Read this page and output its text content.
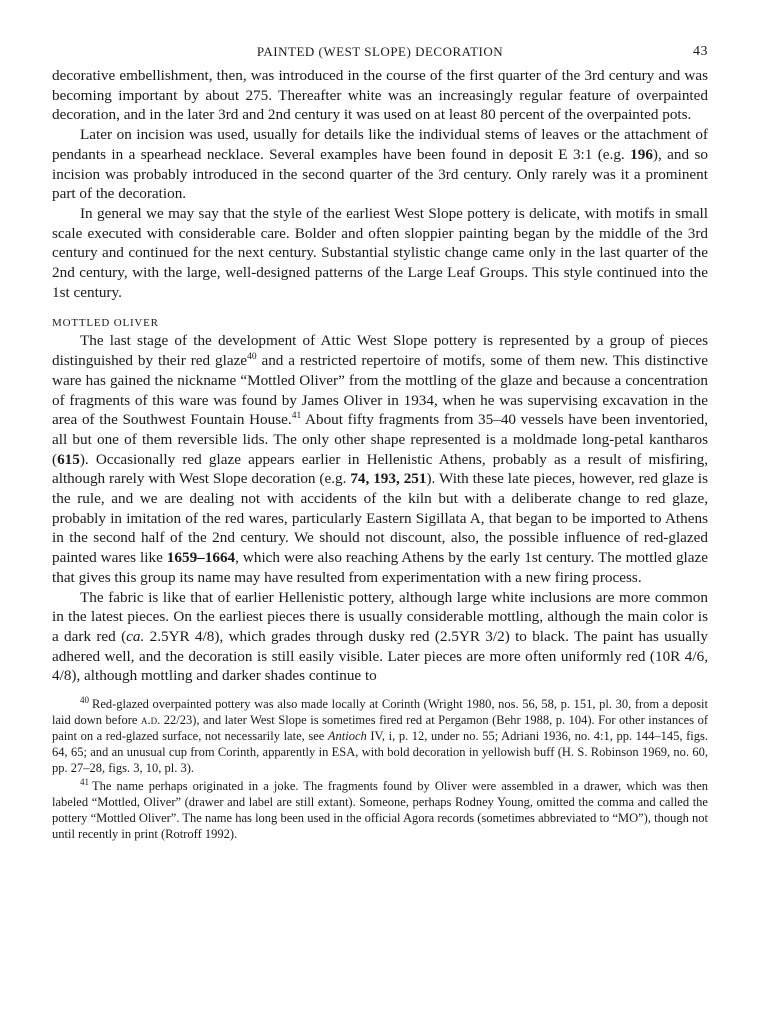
PAINTED (WEST SLOPE) DECORATION	43

decorative embellishment, then, was introduced in the course of the first quarter of the 3rd century and was becoming important by about 275. Thereafter white was an increasingly regular feature of overpainted decoration, and in the later 3rd and 2nd century it was used on at least 80 percent of the overpainted pots.

Later on incision was used, usually for details like the individual stems of leaves or the attachment of pendants in a spearhead necklace. Several examples have been found in deposit E 3:1 (e.g. 196), and so incision was probably introduced in the second quarter of the 3rd century. Only rarely was it a prominent part of the decoration.

In general we may say that the style of the earliest West Slope pottery is delicate, with motifs in small scale executed with considerable care. Bolder and often sloppier painting began by the middle of the 3rd century and continued for the next century. Substantial stylistic change came only in the last quarter of the 2nd century, with the large, well-designed patterns of the Large Leaf Groups. This style continued into the 1st century.

MOTTLED OLIVER

The last stage of the development of Attic West Slope pottery is represented by a group of pieces distinguished by their red glaze$^{40}$ and a restricted repertoire of motifs, some of them new. This distinctive ware has gained the nickname “Mottled Oliver” from the mottling of the glaze and because a concentration of fragments of this ware was found by James Oliver in 1934, when he was supervising excavation in the area of the Southwest Fountain House.$^{41}$ About fifty fragments from 35–40 vessels have been inventoried, all but one of them reversible lids. The only other shape represented is a moldmade long-petal kantharos (615). Occasionally red glaze appears earlier in Hellenistic Athens, probably as a result of misfiring, although rarely with West Slope decoration (e.g. 74, 193, 251). With these late pieces, however, red glaze is the rule, and we are dealing not with accidents of the kiln but with a deliberate change to red glaze, probably in imitation of the red wares, particularly Eastern Sigillata A, that began to be imported to Athens in the second half of the 2nd century. We should not discount, also, the possible influence of red-glazed painted wares like 1659–1664, which were also reaching Athens by the early 1st century. The mottled glaze that gives this group its name may have resulted from experimentation with a new firing process.

The fabric is like that of earlier Hellenistic pottery, although large white inclusions are more common in the latest pieces. On the earliest pieces there is usually considerable mottling, although the main color is a dark red (ca. 2.5YR 4/8), which grades through dusky red (2.5YR 3/2) to black. The paint has usually adhered well, and the decoration is still easily visible. Later pieces are more often uniformly red (10R 4/6, 4/8), although mottling and darker shades continue to

$^{40}$ Red-glazed overpainted pottery was also made locally at Corinth (Wright 1980, nos. 56, 58, p. 151, pl. 30, from a deposit laid down before a.d. 22/23), and later West Slope is sometimes fired red at Pergamon (Behr 1988, p. 104). For other instances of paint on a red-glazed surface, not necessarily late, see Antioch IV, i, p. 12, under no. 55; Adriani 1936, no. 4:1, pp. 144–145, figs. 64, 65; and an unusual cup from Corinth, apparently in ESA, with bold decoration in yellowish buff (H. S. Robinson 1969, no. 60, pp. 27–28, figs. 3, 10, pl. 3).

$^{41}$ The name perhaps originated in a joke. The fragments found by Oliver were assembled in a drawer, which was then labeled “Mottled, Oliver” (drawer and label are still extant). Someone, perhaps Rodney Young, omitted the comma and called the pottery “Mottled Oliver”. The name has long been used in the official Agora records (sometimes abbreviated to “MO”), though not until recently in print (Rotroff 1992).
